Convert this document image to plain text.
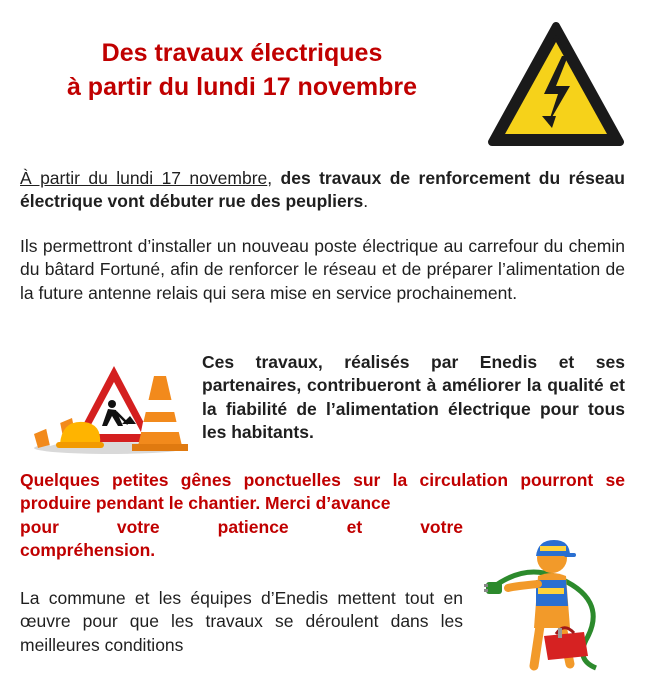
Des travaux électriques
à partir du lundi 17 novembre

À partir du lundi 17 novembre, des travaux de renforcement du réseau électrique vont débuter rue des peupliers.

Ils permettront d’installer un nouveau poste électrique au carrefour du chemin du bâtard Fortuné, afin de renforcer le réseau et de préparer l’alimentation de la future antenne relais qui sera mise en service prochainement.

Ces travaux, réalisés par Enedis et ses partenaires, contribueront à améliorer la qualité et la fiabilité de l’alimentation électrique pour tous les habitants.

Quelques petites gênes ponctuelles sur la circulation pourront se produire pendant le chantier. Merci d’avance
pour votre patience et votre
compréhension.

La commune et les équipes d’Enedis mettent tout en œuvre pour que les travaux se déroulent dans les meilleures conditions
